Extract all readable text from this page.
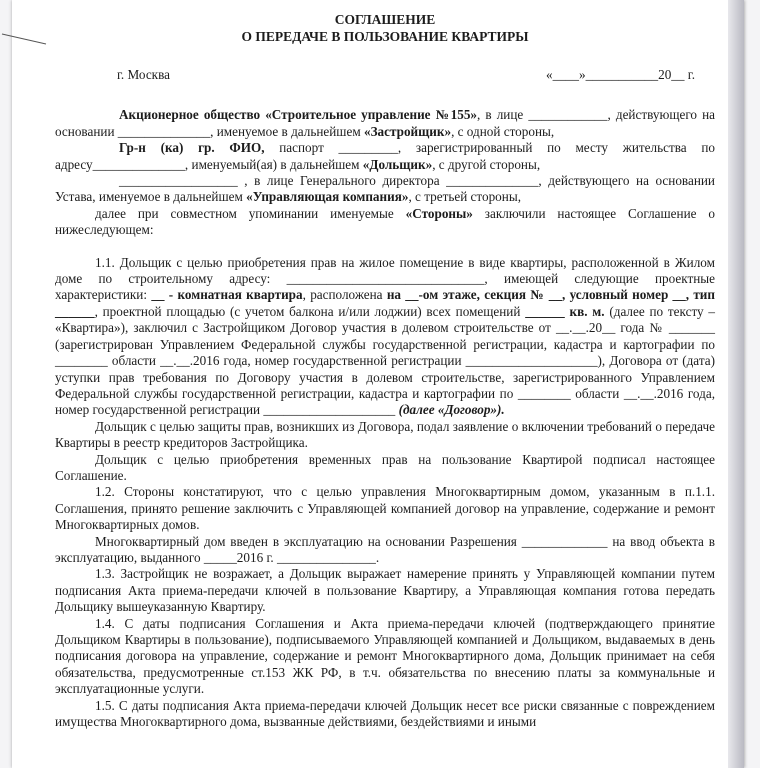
СОГЛАШЕНИЕ
О ПЕРЕДАЧЕ В ПОЛЬЗОВАНИЕ КВАРТИРЫ
г. Москва	«____»___________20__ г.

Акционерное общество «Строительное управление №155», в лице ____________, действующего на основании ______________, именуемое в дальнейшем «Застройщик», с одной стороны,

Гр-н (ка) гр. ФИО, паспорт _________, зарегистрированный по месту жительства по адресу______________, именуемый(ая) в дальнейшем «Дольщик», с другой стороны,

__________________ , в лице Генерального директора ______________, действующего на основании Устава, именуемое в дальнейшем «Управляющая компания», с третьей стороны,

далее при совместном упоминании именуемые «Стороны» заключили настоящее Соглашение о нижеследующем:

1.1. Дольщик с целью приобретения прав на жилое помещение в виде квартиры, расположенной в Жилом доме по строительному адресу: ______________________________, имеющей следующие проектные характеристики: __ - комнатная квартира, расположена на __-ом этаже, секция № __, условный номер __, тип ______, проектной площадью (с учетом балкона и/или лоджии) всех помещений ______ кв. м. (далее по тексту – «Квартира»), заключил с Застройщиком Договор участия в долевом строительстве от __.__.20__ года № _______ (зарегистрирован Управлением Федеральной службы государственной регистрации, кадастра и картографии по ________ области __.__.2016 года, номер государственной регистрации ____________________), Договора от (дата) уступки прав требования по Договору участия в долевом строительстве, зарегистрированного Управлением Федеральной службы государственной регистрации, кадастра и картографии по ________ области __.__.2016 года, номер государственной регистрации ____________________ (далее «Договор»).

Дольщик с целью защиты прав, возникших из Договора, подал заявление о включении требований о передаче Квартиры в реестр кредиторов Застройщика.

Дольщик с целью приобретения временных прав на пользование Квартирой подписал настоящее Соглашение.

1.2. Стороны констатируют, что с целью управления Многоквартирным домом, указанным в п.1.1. Соглашения, принято решение заключить с Управляющей компанией договор на управление, содержание и ремонт Многоквартирных домов.

Многоквартирный дом введен в эксплуатацию на основании Разрешения _____________ на ввод объекта в эксплуатацию, выданного _____2016 г. _______________.

1.3. Застройщик не возражает, а Дольщик выражает намерение принять у Управляющей компании путем подписания Акта приема-передачи ключей в пользование Квартиру, а Управляющая компания готова передать Дольщику вышеуказанную Квартиру.

1.4. С даты подписания Соглашения и Акта приема-передачи ключей (подтверждающего принятие Дольщиком Квартиры в пользование), подписываемого Управляющей компанией и Дольщиком, выдаваемых в день подписания договора на управление, содержание и ремонт Многоквартирного дома, Дольщик принимает на себя обязательства, предусмотренные ст.153 ЖК РФ, в т.ч. обязательства по внесению платы за коммунальные и эксплуатационные услуги.

1.5. С даты подписания Акта приема-передачи ключей Дольщик несет все риски связанные с повреждением имущества Многоквартирного дома, вызванные действиями, бездействиями и иными
